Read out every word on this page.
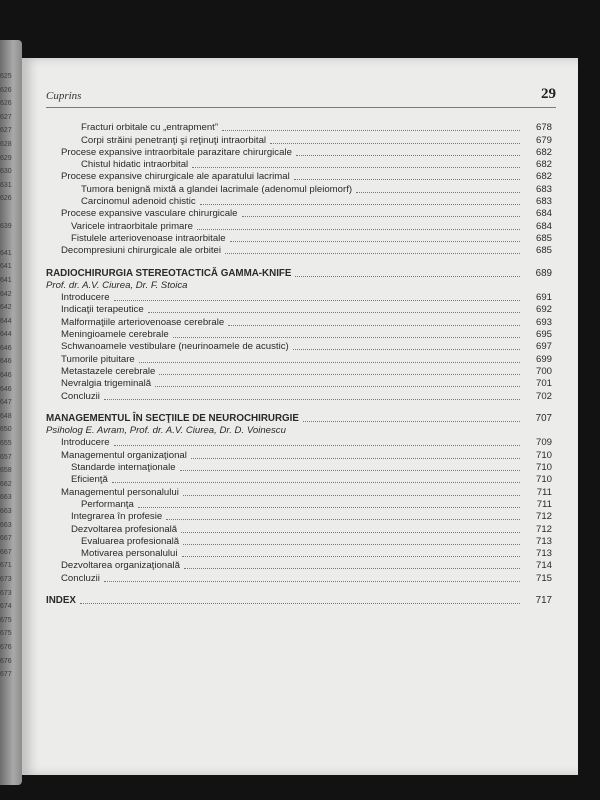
625
626
626
627
627
628
629
630
631
626

639

641
641
641
642
642
644
644
646
646
646
646
647
648
650
655
657
658
662
663
663
663
667
667
671
673
673
674
675
675
676
676
677
Cuprins	29
Fracturi orbitale cu „entrapment”	678
Corpi străini penetranţi şi reţinuţi intraorbital	679
Procese expansive intraorbitale parazitare chirurgicale	682
Chistul hidatic intraorbital	682
Procese expansive chirurgicale ale aparatului lacrimal	682
Tumora benignă mixtă a glandei lacrimale (adenomul pleiomorf)	683
Carcinomul adenoid chistic	683
Procese expansive vasculare chirurgicale	684
Varicele intraorbitale primare	684
Fistulele arteriovenoase intraorbitale	685
Decompresiuni chirurgicale ale orbitei	685
RADIOCHIRURGIA STEREOTACTICĂ GAMMA-KNIFE	689
Prof. dr. A.V. Ciurea, Dr. F. Stoica
Introducere	691
Indicaţii terapeutice	692
Malformaţiile arteriovenoase cerebrale	693
Meningioamele cerebrale	695
Schwanoamele vestibulare (neurinoamele de acustic)	697
Tumorile pituitare	699
Metastazele cerebrale	700
Nevralgia trigeminală	701
Concluzii	702
MANAGEMENTUL ÎN SECŢIILE DE NEUROCHIRURGIE	707
Psiholog E. Avram, Prof. dr. A.V. Ciurea, Dr. D. Voinescu
Introducere	709
Managementul organizaţional	710
Standarde internaţionale	710
Eficienţă	710
Managementul personalului	711
Performanţa	711
Integrarea în profesie	712
Dezvoltarea profesională	712
Evaluarea profesională	713
Motivarea personalului	713
Dezvoltarea organizaţională	714
Concluzii	715
INDEX	717
